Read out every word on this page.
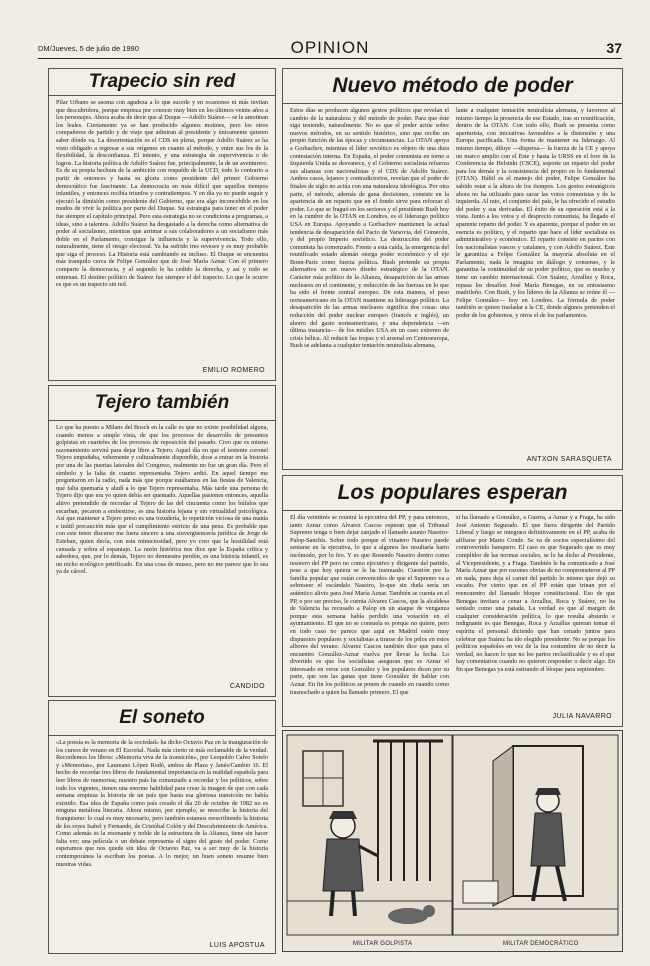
DM/Jueves, 5 de julio de 1990	OPINION	37
Trapecio sin red
Pilar Urbano se asoma con agudeza a lo que sucede y en ocasiones ni más invitan que descubridora, porque empieza por conocer muy bien en los últimos veinte años a los personajes. Ahora acaba de decir que al Duque —Adolfo Suárez— se le amotinan los leales. Ciertamente ya se han producido algunos motines, pero los otros compañeros de partido y de viaje que admiran al presidente y únicamente quieren saber dónde va. La desorientación es el CDS en plena, porque Adolfo Suárez se ha visto obligado a regresar a sus orígenes en cuanto al método, y entre sus los de la flexibilidad, la desconfianza. El intento, y una estrategia de supervivencia o de logros. La historia política de Adolfo Suárez fue, principalmente, la de un aventurero. Es de su propia hechura de la ambición con respaldo de la UCD, todo lo contrario a partir de entonces y hasta su gloria como presidente del primer Gobierno democrático fue fascinante. La democracia en más difícil que aquellos tiempos infantiles, y entonces recibía triunfos y contratiempos. Y en día ya no puede seguir y ejecutó la dimisión como presidente del Gobierno, que era algo inconcebible en los modos de vivir la política por parte del Duque. Su estrategia para tener en el poder fue siempre el capítulo principal. Pero esta estrategia no se condiciona a programas, a ideas, sino a talentos. Adolfo Suárez ha desgastado a la derecha como alternativa de poder al socialismo, mientras que arrimar a sus colaboradores a un socialismo más doble en el Parlamento, consigue la influencia y la supervivencia. Todo ello, naturalmente, tiene el riesgo electoral. Ya ha sufrido tres reveses y es muy probable que siga el proceso. La Historia está cambiando su incluso. El Duque se encuentra más tranquilo cerca de Felipe González que de José María Aznar. Con el primero comparte la democracia, y al segundo le ha cedido la derecha, y así y todo se entrenan. El destino político de Suárez fue siempre el del trapecio. Lo que le ocurre es que es un trapecio sin red.
EMILIO ROMERO
Tejero también
Lo que ha puesto a Milans del Bosch en la calle es que no existe posibilidad alguna, cuando menos a simple vista, de que los procesos de desarrollo de presuntos golpistas en cuarteles de los procesos de reposición del pasado. Creo que es mismo razonamiento servirá para dejar libre a Tejero. Aquel día en que el teniente coronel Tejero empuñaba, vehemente y culturalmente disponible, dose a entrar en la historia por una de las puertas laterales del Congreso, realmente no fue un gran día. Pero el símbolo y la falta de cuanto representaba Tejero ardió. En aquel tiempo me preguntaron en la radio, nada más que porque estábamos en las fiestas de Valencia, qué falta quemaría y aludí a lo que Tejero representaba. Más tarde una persona de Tejero dijo que era yo quien debía ser quemado. Aquellas pasiones entonces, aquella altivo pretendido de recordar al Tejero de las del cincuenta como los búfalos que escarban, pecaron a embestirse, es una historia lejana y sin virtualidad psicológica. Así que mantener a Tejero preso es una tozudería, lo repetición viciosa de una manía e inútil precaución más que el cumplimiento estricto de una pena. Es probable que con este tenor discurso me fuera sincero a una sinvergüencería jurídica de Jorge de Esteban, quien decía, con esta minuciosidad, pero yo creo que la hostilidad está cansada y sobra el espantajo. La razón histórica nos dice que la España crítica y sabedora, que, por lo demás, Tejero no demuestra perdón, es una historia infantil, es un nicho ecológico petrificado. En una cosa de museo, pero no me parece que lo sea ya de cárcel.
CANDIDO
El soneto
«La poesía es la memoria de la sociedad» ha dicho Octavio Paz en la inauguración de los cursos de verano en El Escorial. Nada más cierto ni más reclamable de la verdad. Recordemos los libros: «Memoria viva de la transición», por Leopoldo Calvo Sotelo y «Memorias», por Laureano López Rodó, ambos de Plaza y Janés/Cambio 16. El hecho de recordar tres libros de fundamental importancia en la realidad española para leer libros de memorias; nuestro país ha comenzado a recordar y los políticos, sobre todo los vigentes, tienen una enorme habilidad para crear la imagen de que con cada semana empieza la historia de un país que hasta esa gloriosa transición no había existido. Esa idea de España como país creado el día 20 de octubre de 1982 no es ninguna metáfora literaria. Ahora mismo, por ejemplo, se reescribe la historia del franquismo: lo cual es muy necesario, pero también estamos reescribiendo la historia de los reyes Isabel y Fernando, de Cristóbal Colón y del Descubrimiento de América. Como además es la resonante y noble de la estructura de la Alianza, tiene sin hacer falta ver; una película o un debate representa el signo del gusto del poder. Como esperamos que nos quede sin idea de Octavio Paz, va a ser muy de la historia contemporánea la escriban los poetas. A lo mejor, un buen soneto resume bien nuestras vidas.
LUIS APOSTUA
Nuevo método de poder
Estos días se producen algunos gestos políticos que revelan el cambio de la naturaleza y del método de poder. Para que éste siga teniendo, naturalmente. No es que el poder actúe sobre nuevos métodos, en su sentido histórico, sino que recibe un propio función de las épocas y circunstancias. La OTAN apoya a Gorbachov, mientras el líder soviético es objeto de una dura contestación interna. En España, el poder comunista en torno a Izquierda Unida se desvanece, y el Gobierno socialista refuerza sus alianzas con nacionalistas y el CDS de Adolfo Suárez. Ambos casos, lejanos y contradictorios, revelan que el poder de finales de siglo no actúa con una naturaleza ideológica. Por otra parte, el método, además de gana decisiones, consiste en la apariencia de un reparto que en el fondo sirve para reforzar el poder. Lo que se fraguó en los sectores y el presidente Bush hoy en la cumbre de la OTAN en Londres, es el liderazgo político USA en Europa. Apoyando a Gorbachov mantienen la actual tendencia de desaparición del Pacto de Varsovia, del Comecón, y del propio Imperio soviético. La destrucción del poder comunista ha comenzado. Frente a esta caída, la emergencia del reunificado estado alemán otorga poder económico y el eje Bonn-París como fuerza política. Bush pretende su propia alternativa en un nuevo diseño estratégico de la OTAN. Carácter más político de la Alianza, desaparición de las armas nucleares en el continente, y reducción de las fuerzas en lo que ha sido el frente central europeo. De esta manera, el peso norteamericano en la OTAN mantiene su liderazgo político. La desaparición de las armas nucleares significa dos cosas: una reducción del poder nuclear europeo (francés e inglés), un ahorro del gasto norteamericano, y una dependencia —en última instancia— de los misiles USA en un caso extremo de crisis bélica. Al reducir las tropas y el arsenal en Centroeuropa, Bush se adelanta a cualquier tentación neutralista alemana,
lante a cualquier tentación neutralista alemana, y favorece al mismo tiempo la presencia de ese Estado, tras su reunificación, dentro de la OTAN. Con todo ello, Bush se presenta como aperturista, con iniciativas favorables a la distensión y una Europa pacificada. Una forma de mantener su liderazgo. Al mismo tiempo, diluye —dispersa— la fuerza de la CE y apoya un marco amplio con el Este y hasta la URSS en el foro de la Conferencia de Helsinki (CSCE), soporte un reparto del poder para los demás y la consistencia del propio en lo fundamental (OTAN). Hábil es el manejo del poder, Felipe González ha sabido estar a la altura de los tiempos. Los gestos estratégicos ahora no ha utilizado para sacar las votos comunistas y de la izquierda. Al rato, el conjunto del país, le ha ofrecido el estudio del poder y sus derivadas. El éxito de su operación está a la vista. Junto a los votos y el desprecio comunista, ha llegado el aparente reparto del poder. Y es aparente, porque el poder en su esencia es político, y el reparto que hace el líder socialista es administrativo y económico. El reparto consiste en pactos con los nacionalistas vascos y catalanes, y con Adolfo Suárez. Este le garantiza a Felipe González la mayoría absoluta en el Parlamento, nada le imagina en diálogo y consenso, y le garantiza la continuidad de su poder político, que es mucho y tiene un cambio internacional. Con Suárez, Arzalluz y Roca, repasa los desafíos José María Benegas, en su entusiasmo madrileño. Con Bush, y los líderes de la Alianza se reúne él —Felipe González— hoy en Londres. La fórmula de poder también se quiere trasladar a la CE, donde algunos pretenden el poder de los gobiernos, y otros el de los parlamentos.
ANTXON SARASQUETA
Los populares esperan
El día veintitrés se reunirá la ejecutiva del PP, y para entonces, tanto Aznar como Alvarez Cascos esperan que el Tribunal Supremo tenga o bien dejar zanjado el llamado asunto Naseiro-Palop-Sanchís. Sobre todo porque el vinatero Naseiro puede sentarse en la ejecutiva, lo que a algunos les resultaría harto incómodo, por lo feo. Y es que Rosendo Naseiro dentro como tesorero del PP pero no como ejecutivo y dirigente del partido, pese a que hoy quiera se le ha insinuado. Cuestión por la familia popular que están convencidos de que el Supremo va a sobreseer el escándalo Naseiro, lo-que sin duda sería un auténtico alivio para José María Aznar. También se cuenta en el PP, o por ser preciso, le cuenta Alvarez Cascos, que la alcaldesa de Valencia ha recusado a Palop en un ataque de venganza porque esta semana había perdido una votación en el ayuntamiento. El que no se consuela es porque no quiere, pero en todo caso no parece que aquí en Madrid estén muy dispuestos populares y socialistas a tirarse de los pelos en estos albores del verano. Alvarez Cascos también dice que para el encuentro González-Aznar vuelva por llevar la fecha. Lo divertido es que los socialistas aseguran que es Aznar el interesado en verse con González y los populares dicen por su parte, que son las ganas que tiene González de hablar con Aznar. En fin los políticos se ponen de cuando en cuando como trasnochado a quien ha llamado primero. El que
si ha llamado a González, a Guerra, a Aznar y a Fraga, ha sido José Antonio Segurado. El que fuera dirigente del Partido Liberal y luego se integrara definitivamente en el PP, acaba de afiliarse por Mario Conde. Se va de socios especialísimo del controvertido banquero. El caso es que Segurado que es muy cumplidor de las normas sociales, se lo ha dicho al Presidente, al Vicepresidente, y a Fraga. También le ha comunicado a José María Aznar que por razones obvias de no comprometerse al PP en nada, pues deja el carnet del partido lo mismo que dejó su escaño. Por cierto que en el PP están que trinan por el reencuentro del llamado bloque constitucional. Eso de que Benegas invitara a cenar a Arzallus, Roca y Suárez, no ha sentado como una patada. La verdad es que al margen de cualquier consideración política, lo que resulta absurdo e indignante es que Benegas, Roca y Arzallus quieran tomar el espíritu el personal diciendo que han cenado juntos para celebrar que Suárez ha ido elegido presidente. No se porque los políticos españoles en vez de la fea costumbre de no decir la verdad, no hacen lo que no los partos reclasificable y es el que hay comentarios cuando no quieren responder o decir algo. En fin que Benegas ya está estirando el bloque para septiembre.
JULIA NAVARRO
MILITAR GOLPISTA	MILITAR DEMOCRÁTICO
